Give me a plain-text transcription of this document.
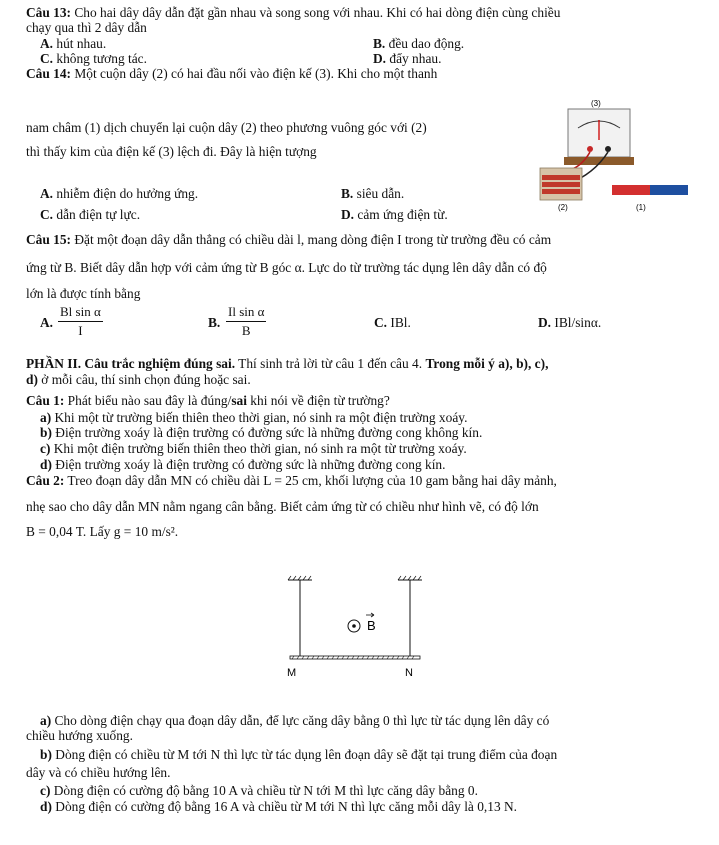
Câu 13: Cho hai dây dây dẫn đặt gần nhau và song song với nhau. Khi có hai dòng điện cùng chiều
chạy qua thì 2 dây dẫn
A. hút nhau.	B. đều dao động.
C. không tương tác.	D. đẩy nhau.
Câu 14: Một cuộn dây (2) có hai đầu nối vào điện kế (3). Khi cho một thanh
nam châm (1) dịch chuyển lại cuộn dây (2) theo phương vuông góc với (2)
thì thấy kim của điện kế (3) lệch đi. Đây là hiện tượng
A. nhiễm điện do hưởng ứng.	B. siêu dẫn.
C. dẫn điện tự lực.	D. cảm ứng điện từ.
(3)
(2)	(1)
Câu 15: Đặt một đoạn dây dẫn thẳng có chiều dài l, mang dòng điện I trong từ trường đều có cảm
ứng từ B. Biết dây dẫn hợp với cảm ứng từ B góc α. Lực do từ trường tác dụng lên dây dẫn có độ
lớn là được tính bằng
A. $\frac{\text{Bl sin α}}{I}$	B. $\frac{\text{Il sin α}}{B}$	C. IBl.	D. IBl/sinα.
PHẦN II. Câu trắc nghiệm đúng sai. Thí sinh trả lời từ câu 1 đến câu 4. Trong mỗi ý a), b), c),
d) ở mỗi câu, thí sinh chọn đúng hoặc sai.
Câu 1: Phát biểu nào sau đây là đúng/sai khi nói về điện từ trường?
a) Khi một từ trường biến thiên theo thời gian, nó sinh ra một điện trường xoáy.
b) Điện trường xoáy là điện trường có đường sức là những đường cong không kín.
c) Khi một điện trường biến thiên theo thời gian, nó sinh ra một từ trường xoáy.
d) Điện trường xoáy là điện trường có đường sức là những đường cong kín.
Câu 2: Treo đoạn dây dẫn MN có chiều dài L = 25 cm, khối lượng của 10 gam bằng hai dây mảnh,
nhẹ sao cho dây dẫn MN nằm ngang cân bằng. Biết cảm ứng từ có chiều như hình vẽ, có độ lớn
B = 0,04 T. Lấy g = 10 m/s².
B
M	N
a) Cho dòng điện chạy qua đoạn dây dẫn, để lực căng dây bằng 0 thì lực từ tác dụng lên dây có
chiều hướng xuống.
b) Dòng điện có chiều từ M tới N thì lực từ tác dụng lên đoạn dây sẽ đặt tại trung điểm của đoạn
dây và có chiều hướng lên.
c) Dòng điện có cường độ bằng 10 A và chiều từ N tới M thì lực căng dây bằng 0.
d) Dòng điện có cường độ bằng 16 A và chiều từ M tới N thì lực căng mỗi dây là 0,13 N.
